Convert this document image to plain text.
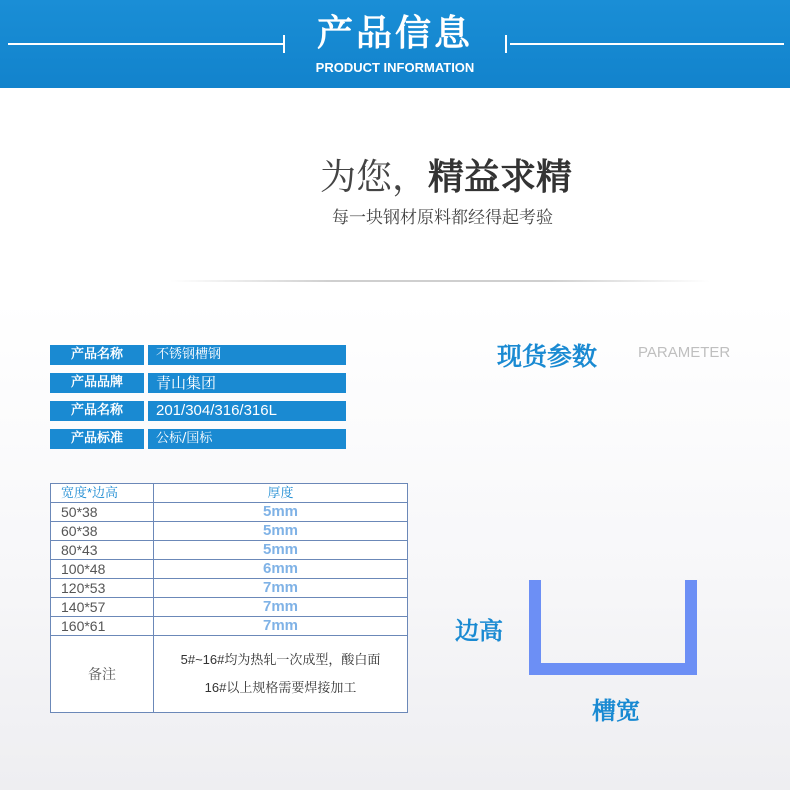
产品信息
PRODUCT INFORMATION
为您，精益求精
每一块钢材原料都经得起考验
产品名称	不锈钢槽钢
产品品牌	青山集团
产品名称	201/304/316/316L
产品标准	公标/国标
现货参数	PARAMETER
宽度*边高	厚度
50*38	5mm
60*38	5mm
80*43	5mm
100*48	6mm
120*53	7mm
140*57	7mm
160*61	7mm
备注	5#~16#均为热轧一次成型，酸白面
16#以上规格需要焊接加工
边高
槽宽
